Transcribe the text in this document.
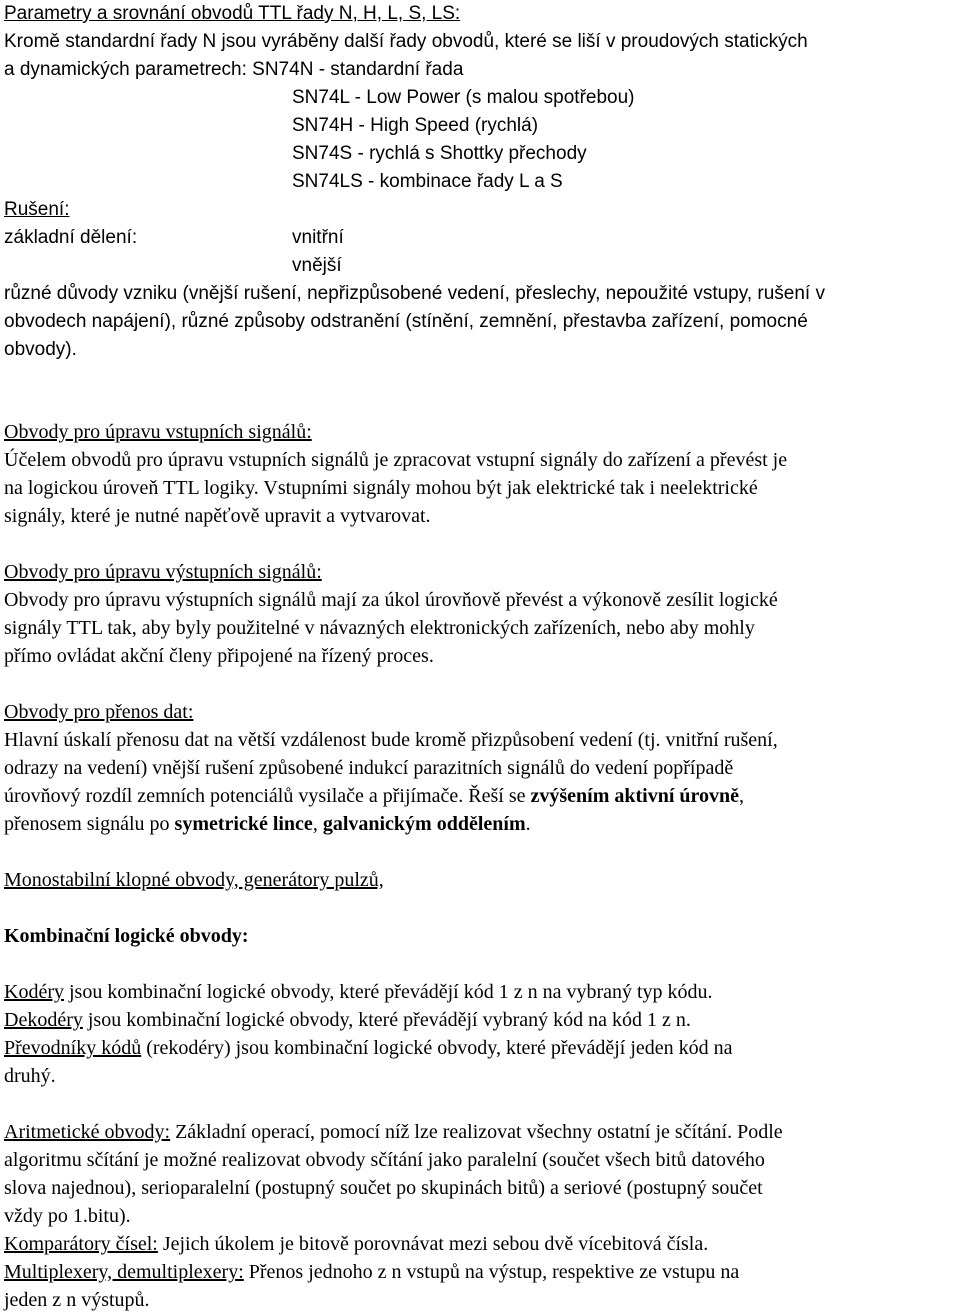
Parametry a srovnání obvodů TTL řady N, H, L, S, LS:
Kromě standardní řady N jsou vyráběny další řady obvodů, které se liší v proudových statických
a dynamických parametrech: SN74N - standardní řada
SN74L - Low Power (s malou spotřebou)
SN74H - High Speed (rychlá)
SN74S - rychlá s Shottky přechody
SN74LS - kombinace řady L a S
Rušení:
základní dělení:	vnitřní
vnější
různé důvody vzniku (vnější rušení, nepřizpůsobené vedení, přeslechy, nepoužité vstupy, rušení v
obvodech napájení), různé způsoby odstranění (stínění, zemnění, přestavba zařízení, pomocné
obvody).
Obvody pro úpravu vstupních signálů:
Účelem obvodů pro úpravu vstupních signálů je zpracovat vstupní signály do zařízení a převést je
na logickou úroveň TTL logiky. Vstupními signály mohou být jak elektrické tak i neelektrické
signály, které je nutné napěťově upravit a vytvarovat.
Obvody pro úpravu výstupních signálů:
Obvody pro úpravu výstupních signálů mají za úkol úrovňově převést a výkonově zesílit logické
signály TTL tak, aby byly použitelné v návazných elektronických zařízeních, nebo aby mohly
přímo ovládat akční členy připojené na řízený proces.
Obvody pro přenos dat:
Hlavní úskalí přenosu dat na větší vzdálenost bude kromě přizpůsobení vedení (tj. vnitřní rušení,
odrazy na vedení) vnější rušení způsobené indukcí parazitních signálů do vedení popřípadě
úrovňový rozdíl zemních potenciálů vysilače a přijímače. Řeší se zvýšením aktivní úrovně,
přenosem signálu po symetrické lince, galvanickým oddělením.
Monostabilní klopné obvody, generátory pulzů,
Kombinační logické obvody:
Kodéry jsou kombinační logické obvody, které převádějí kód 1 z n na vybraný typ kódu.
Dekodéry jsou kombinační logické obvody, které převádějí vybraný kód na kód 1 z n.
Převodníky kódů (rekodéry) jsou kombinační logické obvody, které převádějí jeden kód na
druhý.
Aritmetické obvody: Základní operací, pomocí níž lze realizovat všechny ostatní je sčítání. Podle
algoritmu sčítání je možné realizovat obvody sčítání jako paralelní (součet všech bitů datového
slova najednou), serioparalelní (postupný součet po skupinách bitů) a seriové (postupný součet
vždy po 1.bitu).
Komparátory čísel: Jejich úkolem je bitově porovnávat mezi sebou dvě vícebitová čísla.
Multiplexery, demultiplexery: Přenos jednoho z n vstupů na výstup, respektive ze vstupu na
jeden z n výstupů.
